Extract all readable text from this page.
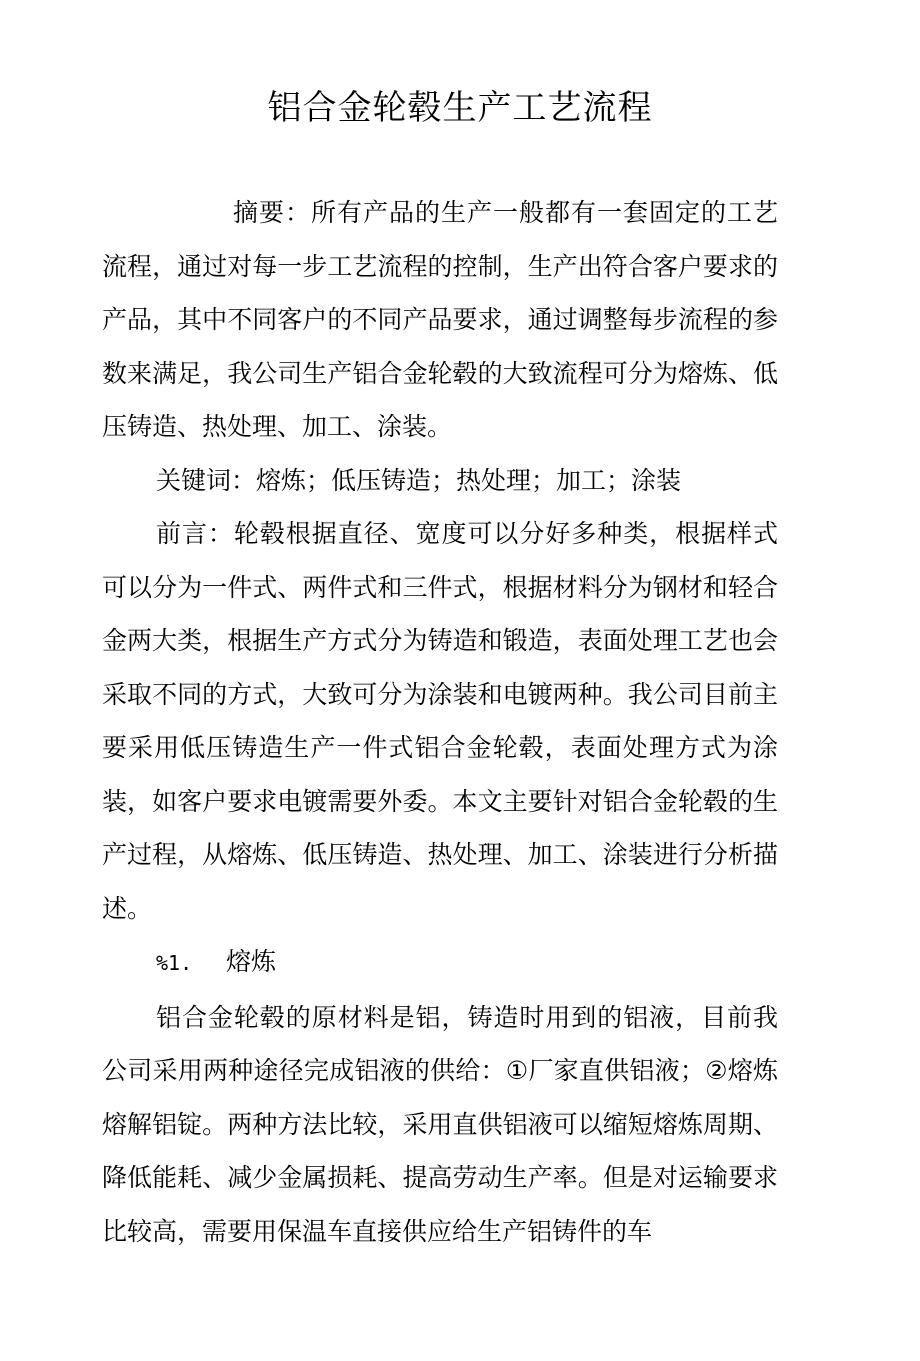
铝合金轮毂生产工艺流程

摘要：所有产品的生产一般都有一套固定的工艺流程，通过对每一步工艺流程的控制，生产出符合客户要求的产品，其中不同客户的不同产品要求，通过调整每步流程的参数来满足，我公司生产铝合金轮毂的大致流程可分为熔炼、低压铸造、热处理、加工、涂装。

关键词：熔炼；低压铸造；热处理；加工；涂装

前言：轮毂根据直径、宽度可以分好多种类，根据样式可以分为一件式、两件式和三件式，根据材料分为钢材和轻合金两大类，根据生产方式分为铸造和锻造，表面处理工艺也会采取不同的方式，大致可分为涂装和电镀两种。我公司目前主要采用低压铸造生产一件式铝合金轮毂，表面处理方式为涂装，如客户要求电镀需要外委。本文主要针对铝合金轮毂的生产过程，从熔炼、低压铸造、热处理、加工、涂装进行分析描述。

%1. 熔炼

铝合金轮毂的原材料是铝，铸造时用到的铝液，目前我公司采用两种途径完成铝液的供给：①厂家直供铝液；②熔炼熔解铝锭。两种方法比较，采用直供铝液可以缩短熔炼周期、降低能耗、减少金属损耗、提高劳动生产率。但是对运输要求比较高，需要用保温车直接供应给生产铝铸件的车
